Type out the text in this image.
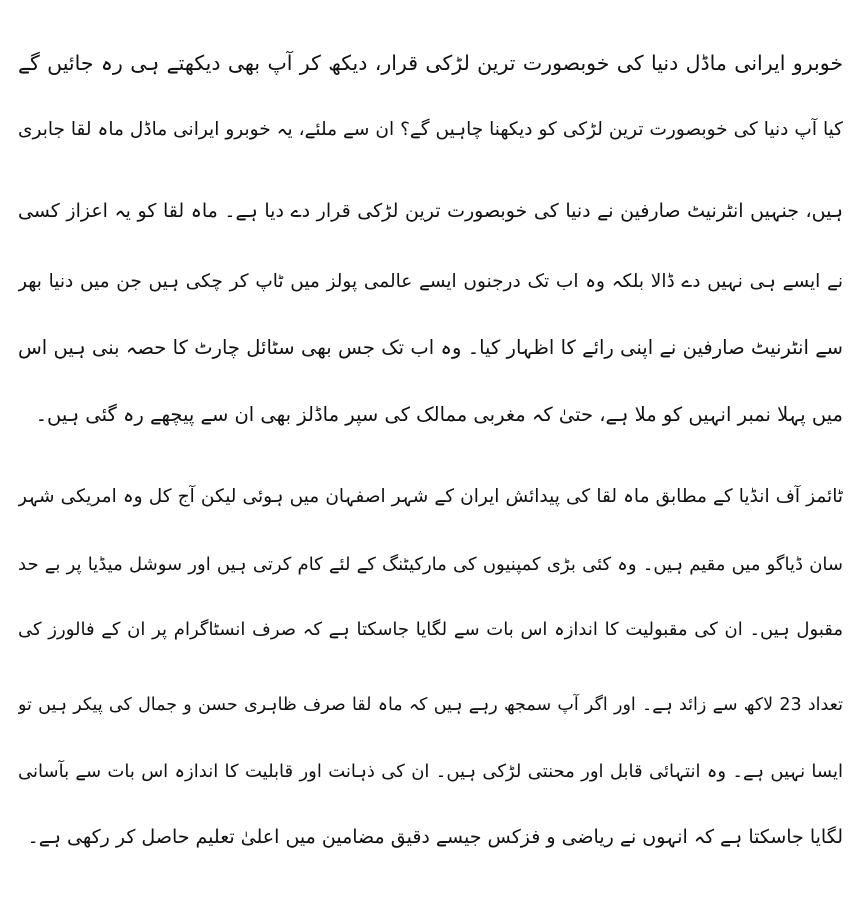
خوبرو ایرانی ماڈل دنیا کی خوبصورت ترین لڑکی قرار، دیکھ کر آپ بھی دیکھتے ہی رہ جائیں گے
کیا آپ دنیا کی خوبصورت ترین لڑکی کو دیکھنا چاہیں گے؟ ان سے ملئے، یہ خوبرو ایرانی ماڈل ماہ لقا جابری
ہیں، جنہیں انٹرنیٹ صارفین نے دنیا کی خوبصورت ترین لڑکی قرار دے دیا ہے۔ ماہ لقا کو یہ اعزاز کسی
نے ایسے ہی نہیں دے ڈالا بلکہ وہ اب تک درجنوں ایسے عالمی پولز میں ٹاپ کر چکی ہیں جن میں دنیا بھر
سے انٹرنیٹ صارفین نے اپنی رائے کا اظہار کیا۔ وہ اب تک جس بھی سٹائل چارٹ کا حصہ بنی ہیں اس
میں پہلا نمبر انہیں کو ملا ہے، حتیٰ کہ مغربی ممالک کی سپر ماڈلز بھی ان سے پیچھے رہ گئی ہیں۔
ٹائمز آف انڈیا کے مطابق ماہ لقا کی پیدائش ایران کے شہر اصفہان میں ہوئی لیکن آج کل وہ امریکی شہر
سان ڈیاگو میں مقیم ہیں۔ وہ کئی بڑی کمپنیوں کی مارکیٹنگ کے لئے کام کرتی ہیں اور سوشل میڈیا پر بے حد
مقبول ہیں۔ ان کی مقبولیت کا اندازہ اس بات سے لگایا جاسکتا ہے کہ صرف انسٹاگرام پر ان کے فالورز کی
تعداد 23 لاکھ سے زائد ہے۔ اور اگر آپ سمجھ رہے ہیں کہ ماہ لقا صرف ظاہری حسن و جمال کی پیکر ہیں تو
ایسا نہیں ہے۔ وہ انتہائی قابل اور محنتی لڑکی ہیں۔ ان کی ذہانت اور قابلیت کا اندازہ اس بات سے بآسانی
لگایا جاسکتا ہے کہ انہوں نے ریاضی و فزکس جیسے دقیق مضامین میں اعلیٰ تعلیم حاصل کر رکھی ہے۔
